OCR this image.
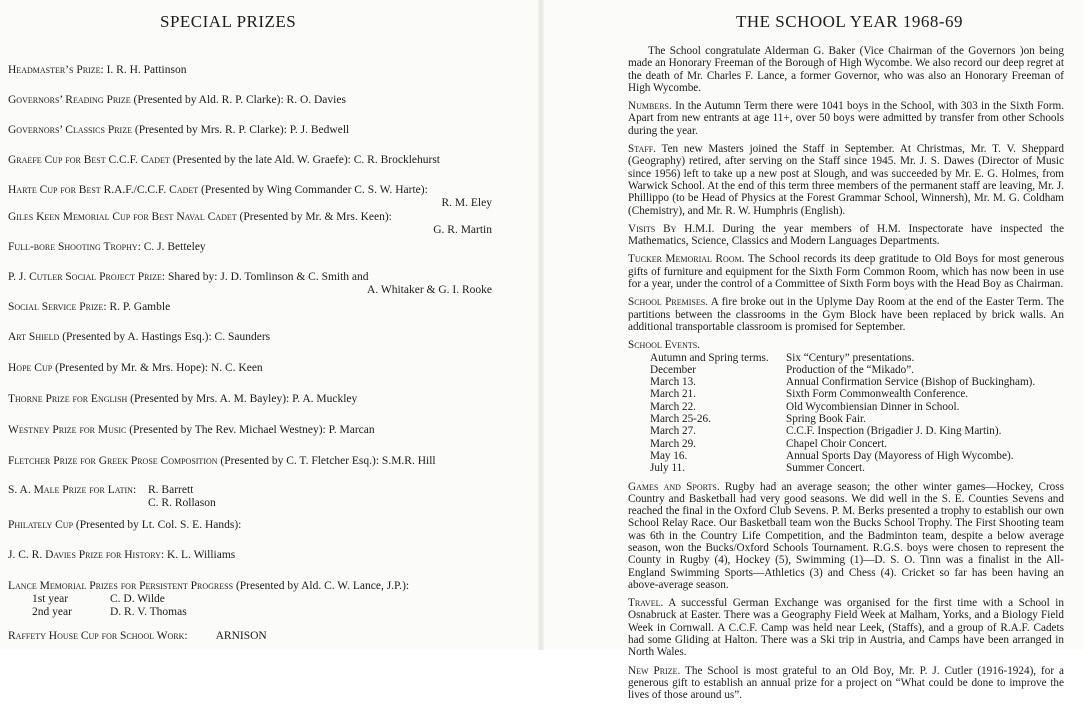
SPECIAL PRIZES
Headmaster’s Prize: I. R. H. Pattinson
Governors’ Reading Prize (Presented by Ald. R. P. Clarke): R. O. Davies
Governors’ Classics Prize (Presented by Mrs. R. P. Clarke): P. J. Bedwell
Graefe Cup for Best C.C.F. Cadet (Presented by the late Ald. W. Graefe): C. R. Brocklehurst
Harte Cup for Best R.A.F./C.C.F. Cadet (Presented by Wing Commander C. S. W. Harte):
R. M. Eley
Giles Keen Memorial Cup for Best Naval Cadet (Presented by Mr. & Mrs. Keen):
G. R. Martin
Full-bore Shooting Trophy: C. J. Betteley
P. J. Cutler Social Project Prize: Shared by: J. D. Tomlinson & C. Smith and
A. Whitaker & G. I. Rooke
Social Service Prize: R. P. Gamble
Art Shield (Presented by A. Hastings Esq.): C. Saunders
Hope Cup (Presented by Mr. & Mrs. Hope): N. C. Keen
Thorne Prize for English (Presented by Mrs. A. M. Bayley): P. A. Muckley
Westney Prize for Music (Presented by The Rev. Michael Westney): P. Marcan
Fletcher Prize for Greek Prose Composition (Presented by C. T. Fletcher Esq.): S.M.R. Hill
S. A. Male Prize for Latin:	R. Barrett
C. R. Rollason
Philately Cup (Presented by Lt. Col. S. E. Hands):
J. C. R. Davies Prize for History: K. L. Williams
Lance Memorial Prizes for Persistent Progress (Presented by Ald. C. W. Lance, J.P.):
1st year	C. D. Wilde
2nd year	D. R. V. Thomas
Raffety House Cup for School Work: ARNISON
THE SCHOOL YEAR 1968-69

The School congratulate Alderman G. Baker (Vice Chairman of the Governors )on being made an Honorary Freeman of the Borough of High Wycombe. We also record our deep regret at the death of Mr. Charles F. Lance, a former Governor, who was also an Honorary Freeman of High Wycombe.

Numbers. In the Autumn Term there were 1041 boys in the School, with 303 in the Sixth Form. Apart from new entrants at age 11+, over 50 boys were admitted by transfer from other Schools during the year.

Staff. Ten new Masters joined the Staff in September. At Christmas, Mr. T. V. Sheppard (Geography) retired, after serving on the Staff since 1945. Mr. J. S. Dawes (Director of Music since 1956) left to take up a new post at Slough, and was succeeded by Mr. E. G. Holmes, from Warwick School. At the end of this term three members of the permanent staff are leaving, Mr. J. Phillippo (to be Head of Physics at the Forest Grammar School, Winnersh), Mr. M. G. Coldham (Chemistry), and Mr. R. W. Humphris (English).

Visits By H.M.I. During the year members of H.M. Inspectorate have inspected the Mathematics, Science, Classics and Modern Languages Departments.

Tucker Memorial Room. The School records its deep gratitude to Old Boys for most generous gifts of furniture and equipment for the Sixth Form Common Room, which has now been in use for a year, under the control of a Committee of Sixth Form boys with the Head Boy as Chairman.

School Premises. A fire broke out in the Uplyme Day Room at the end of the Easter Term. The partitions between the classrooms in the Gym Block have been replaced by brick walls. An additional transportable classroom is promised for September.

School Events.
Autumn and Spring terms.	Six “Century” presentations.
December	Production of the “Mikado”.
March 13.	Annual Confirmation Service (Bishop of Buckingham).
March 21.	Sixth Form Commonwealth Conference.
March 22.	Old Wycombiensian Dinner in School.
March 25-26.	Spring Book Fair.
March 27.	C.C.F. Inspection (Brigadier J. D. King Martin).
March 29.	Chapel Choir Concert.
May 16.	Annual Sports Day (Mayoress of High Wycombe).
July 11.	Summer Concert.

Games and Sports. Rugby had an average season; the other winter games—Hockey, Cross Country and Basketball had very good seasons. We did well in the S. E. Counties Sevens and reached the final in the Oxford Club Sevens. P. M. Berks presented a trophy to establish our own School Relay Race. Our Basketball team won the Bucks School Trophy. The First Shooting team was 6th in the Country Life Competition, and the Badminton team, despite a below average season, won the Bucks/Oxford Schools Tournament. R.G.S. boys were chosen to represent the County in Rugby (4), Hockey (5), Swimming (1)—D. S. O. Tinn was a finalist in the All-England Swimming Sports—Athletics (3) and Chess (4). Cricket so far has been having an above-average season.

Travel. A successful German Exchange was organised for the first time with a School in Osnabruck at Easter. There was a Geography Field Week at Malham, Yorks, and a Biology Field Week in Cornwall. A C.C.F. Camp was held near Leek, (Staffs), and a group of R.A.F. Cadets had some Gliding at Halton. There was a Ski trip in Austria, and Camps have been arranged in North Wales.

New Prize. The School is most grateful to an Old Boy, Mr. P. J. Cutler (1916-1924), for a generous gift to establish an annual prize for a project on “What could be done to improve the lives of those around us”.
